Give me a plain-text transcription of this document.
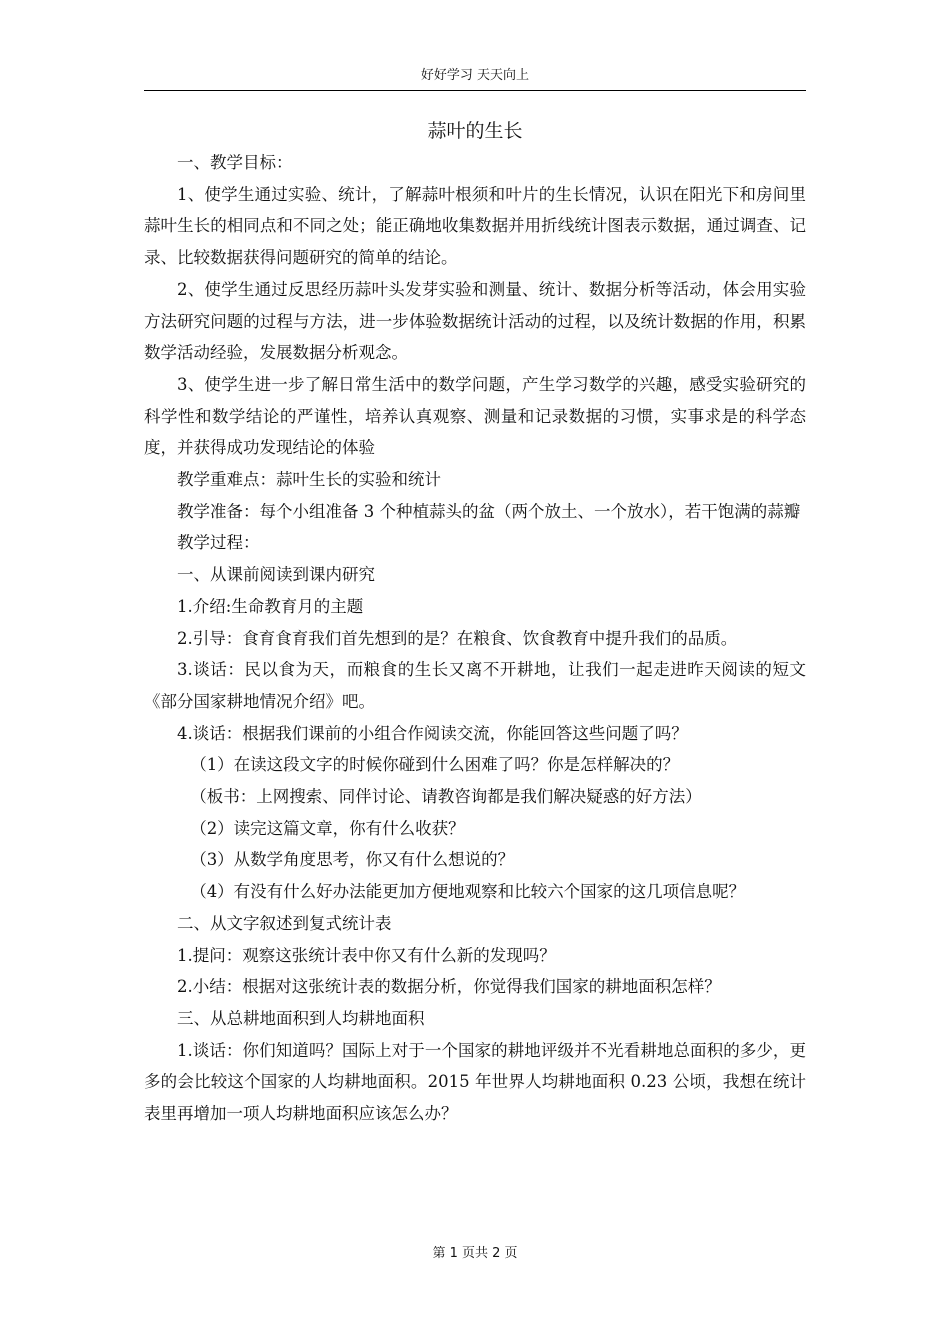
好好学习 天天向上
蒜叶的生长

一、教学目标：

1、使学生通过实验、统计，了解蒜叶根须和叶片的生长情况，认识在阳光下和房间里蒜叶生长的相同点和不同之处；能正确地收集数据并用折线统计图表示数据，通过调查、记录、比较数据获得问题研究的简单的结论。

2、使学生通过反思经历蒜叶头发芽实验和测量、统计、数据分析等活动，体会用实验方法研究问题的过程与方法，进一步体验数据统计活动的过程，以及统计数据的作用，积累数学活动经验，发展数据分析观念。

3、使学生进一步了解日常生活中的数学问题，产生学习数学的兴趣，感受实验研究的科学性和数学结论的严谨性，培养认真观察、测量和记录数据的习惯，实事求是的科学态度，并获得成功发现结论的体验

教学重难点：蒜叶生长的实验和统计

教学准备：每个小组准备 3 个种植蒜头的盆（两个放土、一个放水），若干饱满的蒜瓣

教学过程：

一、从课前阅读到课内研究

1.介绍:生命教育月的主题

2.引导：食育食育我们首先想到的是？在粮食、饮食教育中提升我们的品质。

3.谈话：民以食为天，而粮食的生长又离不开耕地，让我们一起走进昨天阅读的短文《部分国家耕地情况介绍》吧。

4.谈话：根据我们课前的小组合作阅读交流，你能回答这些问题了吗？

（1）在读这段文字的时候你碰到什么困难了吗？你是怎样解决的？

（板书：上网搜索、同伴讨论、请教咨询都是我们解决疑惑的好方法）

（2）读完这篇文章，你有什么收获？

（3）从数学角度思考，你又有什么想说的？

（4）有没有什么好办法能更加方便地观察和比较六个国家的这几项信息呢？

二、从文字叙述到复式统计表

1.提问：观察这张统计表中你又有什么新的发现吗？

2.小结：根据对这张统计表的数据分析，你觉得我们国家的耕地面积怎样？

三、从总耕地面积到人均耕地面积

1.谈话：你们知道吗？国际上对于一个国家的耕地评级并不光看耕地总面积的多少，更多的会比较这个国家的人均耕地面积。2015 年世界人均耕地面积 0.23 公顷，我想在统计表里再增加一项人均耕地面积应该怎么办？

第 1 页共 2 页
